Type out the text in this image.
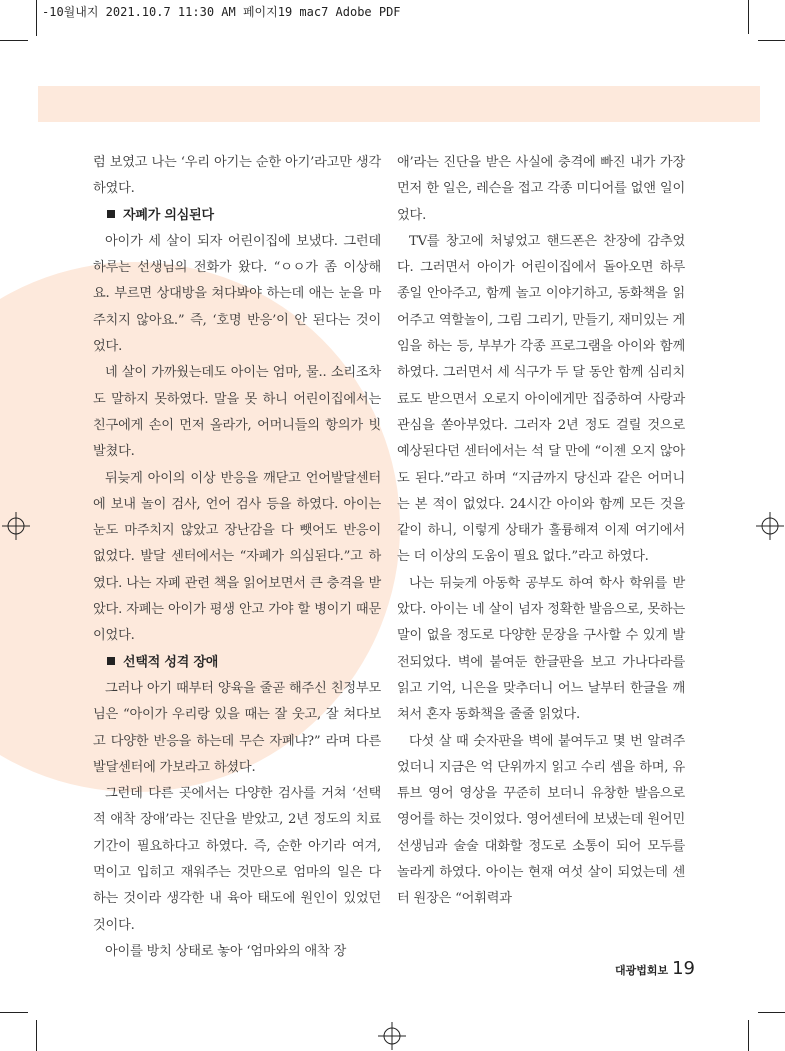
-10월내지 2021.10.7 11:30 AM 페이지19 mac7 Adobe PDF

럼 보였고 나는 ‘우리 아기는 순한 아기’라고만 생각하였다.

자폐가 의심된다

아이가 세 살이 되자 어린이집에 보냈다. 그런데 하루는 선생님의 전화가 왔다. “ㅇㅇ가 좀 이상해요. 부르면 상대방을 쳐다봐야 하는데 애는 눈을 마주치지 않아요.” 즉, ‘호명 반응’이 안 된다는 것이었다.

네 살이 가까웠는데도 아이는 엄마, 물.. 소리조차도 말하지 못하였다. 말을 못 하니 어린이집에서는 친구에게 손이 먼저 올라가, 어머니들의 항의가 빗발쳤다.

뒤늦게 아이의 이상 반응을 깨닫고 언어발달센터에 보내 놀이 검사, 언어 검사 등을 하였다. 아이는 눈도 마주치지 않았고 장난감을 다 뺏어도 반응이 없었다. 발달 센터에서는 “자폐가 의심된다.”고 하였다. 나는 자폐 관련 책을 읽어보면서 큰 충격을 받았다. 자폐는 아이가 평생 안고 가야 할 병이기 때문이었다.

선택적 성격 장애

그러나 아기 때부터 양육을 줄곧 해주신 친정부모님은 “아이가 우리랑 있을 때는 잘 웃고, 잘 쳐다보고 다양한 반응을 하는데 무슨 자폐냐?” 라며 다른 발달센터에 가보라고 하셨다.

그런데 다른 곳에서는 다양한 검사를 거쳐 ‘선택적 애착 장애’라는 진단을 받았고, 2년 정도의 치료 기간이 필요하다고 하였다. 즉, 순한 아기라 여겨, 먹이고 입히고 재워주는 것만으로 엄마의 일은 다 하는 것이라 생각한 내 육아 태도에 원인이 있었던 것이다.

아이를 방치 상태로 놓아 ‘엄마와의 애착 장

애’라는 진단을 받은 사실에 충격에 빠진 내가 가장 먼저 한 일은, 레슨을 접고 각종 미디어를 없앤 일이었다.

TV를 창고에 처넣었고 핸드폰은 찬장에 감추었다. 그러면서 아이가 어린이집에서 돌아오면 하루 종일 안아주고, 함께 놀고 이야기하고, 동화책을 읽어주고 역할놀이, 그림 그리기, 만들기, 재미있는 게임을 하는 등, 부부가 각종 프로그램을 아이와 함께 하였다. 그러면서 세 식구가 두 달 동안 함께 심리치료도 받으면서 오로지 아이에게만 집중하여 사랑과 관심을 쏟아부었다. 그러자 2년 정도 걸릴 것으로 예상된다던 센터에서는 석 달 만에 “이젠 오지 않아도 된다.”라고 하며 “지금까지 당신과 같은 어머니는 본 적이 없었다. 24시간 아이와 함께 모든 것을 같이 하니, 이렇게 상태가 훌륭해져 이제 여기에서는 더 이상의 도움이 필요 없다.”라고 하였다.

나는 뒤늦게 아동학 공부도 하여 학사 학위를 받았다. 아이는 네 살이 넘자 정확한 발음으로, 못하는 말이 없을 정도로 다양한 문장을 구사할 수 있게 발전되었다. 벽에 붙여둔 한글판을 보고 가나다라를 읽고 기억, 니은을 맞추더니 어느 날부터 한글을 깨쳐서 혼자 동화책을 줄줄 읽었다.

다섯 살 때 숫자판을 벽에 붙여두고 몇 번 알려주었더니 지금은 억 단위까지 읽고 수리 셈을 하며, 유튜브 영어 영상을 꾸준히 보더니 유창한 발음으로 영어를 하는 것이었다. 영어센터에 보냈는데 원어민 선생님과 술술 대화할 정도로 소통이 되어 모두를 놀라게 하였다. 아이는 현재 여섯 살이 되었는데 센터 원장은 “어휘력과

대광법회보 19
